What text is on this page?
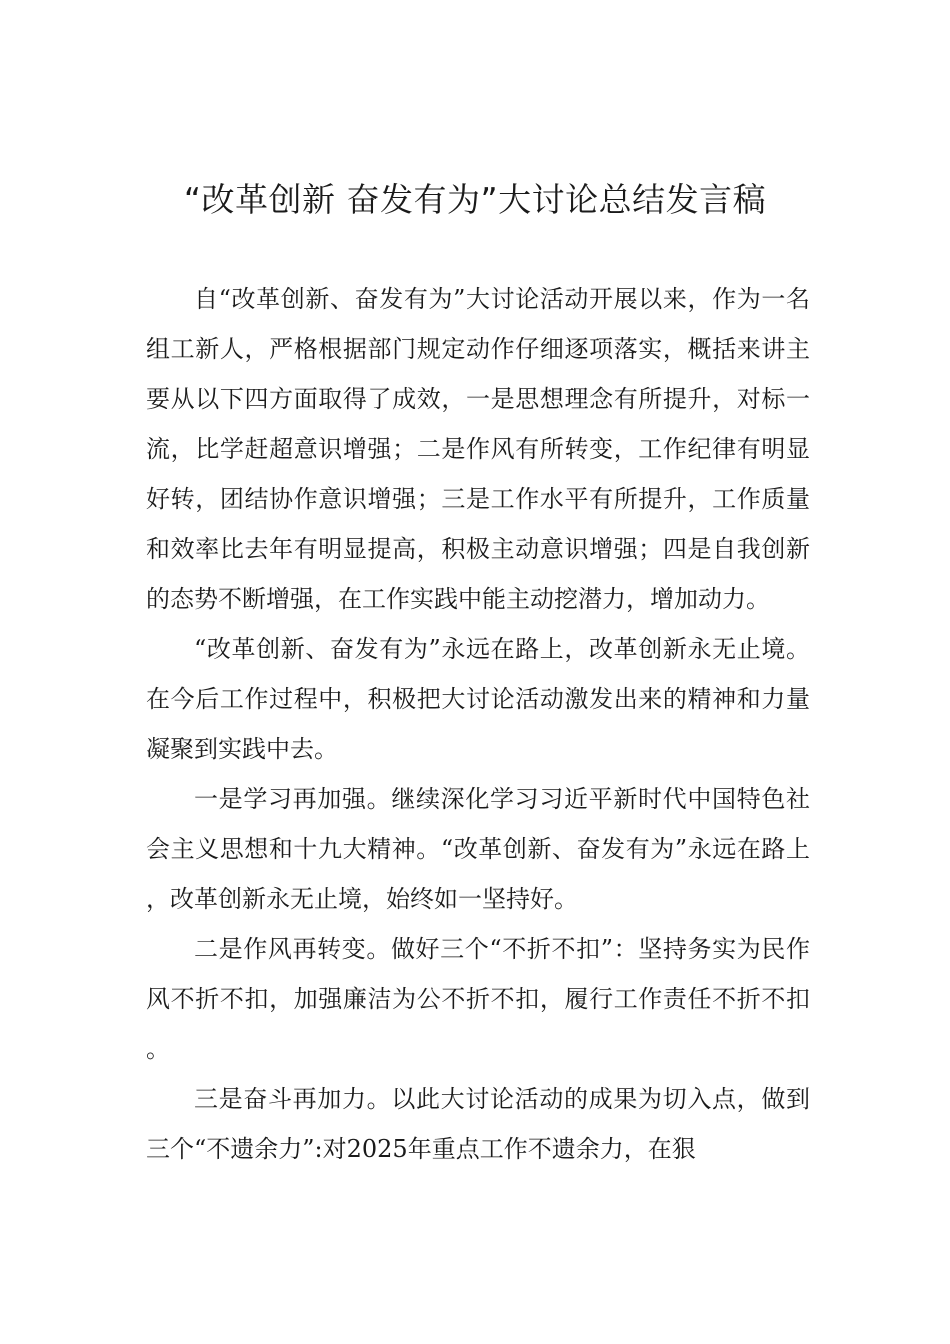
“改革创新 奋发有为”大讨论总结发言稿

自“改革创新、奋发有为”大讨论活动开展以来，作为一名组工新人，严格根据部门规定动作仔细逐项落实，概括来讲主要从以下四方面取得了成效，一是思想理念有所提升，对标一流，比学赶超意识增强；二是作风有所转变，工作纪律有明显好转，团结协作意识增强；三是工作水平有所提升，工作质量和效率比去年有明显提高，积极主动意识增强；四是自我创新的态势不断增强，在工作实践中能主动挖潜力，增加动力。

“改革创新、奋发有为”永远在路上，改革创新永无止境。在今后工作过程中，积极把大讨论活动激发出来的精神和力量凝聚到实践中去。

一是学习再加强。继续深化学习习近平新时代中国特色社会主义思想和十九大精神。“改革创新、奋发有为”永远在路上，改革创新永无止境，始终如一坚持好。

二是作风再转变。做好三个“不折不扣”：坚持务实为民作风不折不扣，加强廉洁为公不折不扣，履行工作责任不折不扣。

三是奋斗再加力。以此大讨论活动的成果为切入点，做到三个“不遗余力”:对2025年重点工作不遗余力，在狠
